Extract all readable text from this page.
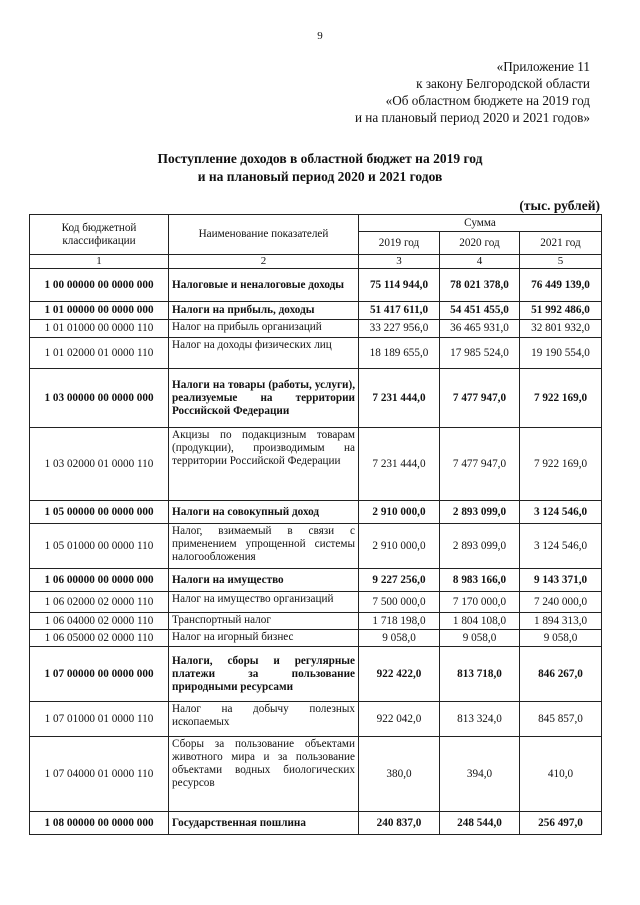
9
«Приложение 11
к закону Белгородской области
«Об областном бюджете на 2019 год
и на плановый период 2020 и 2021 годов»
Поступление доходов в областной бюджет на 2019 год
и на плановый период 2020 и 2021 годов
(тыс. рублей)
Код бюджетной классификации	Наименование показателей	Сумма		
		2019 год	2020 год	2021 год
1	2	3	4	5
1 00 00000 00 0000 000	Налоговые и неналоговые доходы	75 114 944,0	78 021 378,0	76 449 139,0
1 01 00000 00 0000 000	Налоги на прибыль, доходы	51 417 611,0	54 451 455,0	51 992 486,0
1 01 01000 00 0000 110	Налог на прибыль организаций	33 227 956,0	36 465 931,0	32 801 932,0
1 01 02000 01 0000 110	Налог на доходы физических лиц	18 189 655,0	17 985 524,0	19 190 554,0
1 03 00000 00 0000 000	Налоги на товары (работы, услуги), реализуемые на территории Российской Федерации	7 231 444,0	7 477 947,0	7 922 169,0
1 03 02000 01 0000 110	Акцизы по подакцизным товарам (продукции), производимым на территории Российской Федерации	7 231 444,0	7 477 947,0	7 922 169,0
1 05 00000 00 0000 000	Налоги на совокупный доход	2 910 000,0	2 893 099,0	3 124 546,0
1 05 01000 00 0000 110	Налог, взимаемый в связи с применением упрощенной системы налогообложения	2 910 000,0	2 893 099,0	3 124 546,0
1 06 00000 00 0000 000	Налоги на имущество	9 227 256,0	8 983 166,0	9 143 371,0
1 06 02000 02 0000 110	Налог на имущество организаций	7 500 000,0	7 170 000,0	7 240 000,0
1 06 04000 02 0000 110	Транспортный налог	1 718 198,0	1 804 108,0	1 894 313,0
1 06 05000 02 0000 110	Налог на игорный бизнес	9 058,0	9 058,0	9 058,0
1 07 00000 00 0000 000	Налоги, сборы и регулярные платежи за пользование природными ресурсами	922 422,0	813 718,0	846 267,0
1 07 01000 01 0000 110	Налог на добычу полезных ископаемых	922 042,0	813 324,0	845 857,0
1 07 04000 01 0000 110	Сборы за пользование объектами животного мира и за пользование объектами водных биологических ресурсов	380,0	394,0	410,0
1 08 00000 00 0000 000	Государственная пошлина	240 837,0	248 544,0	256 497,0
